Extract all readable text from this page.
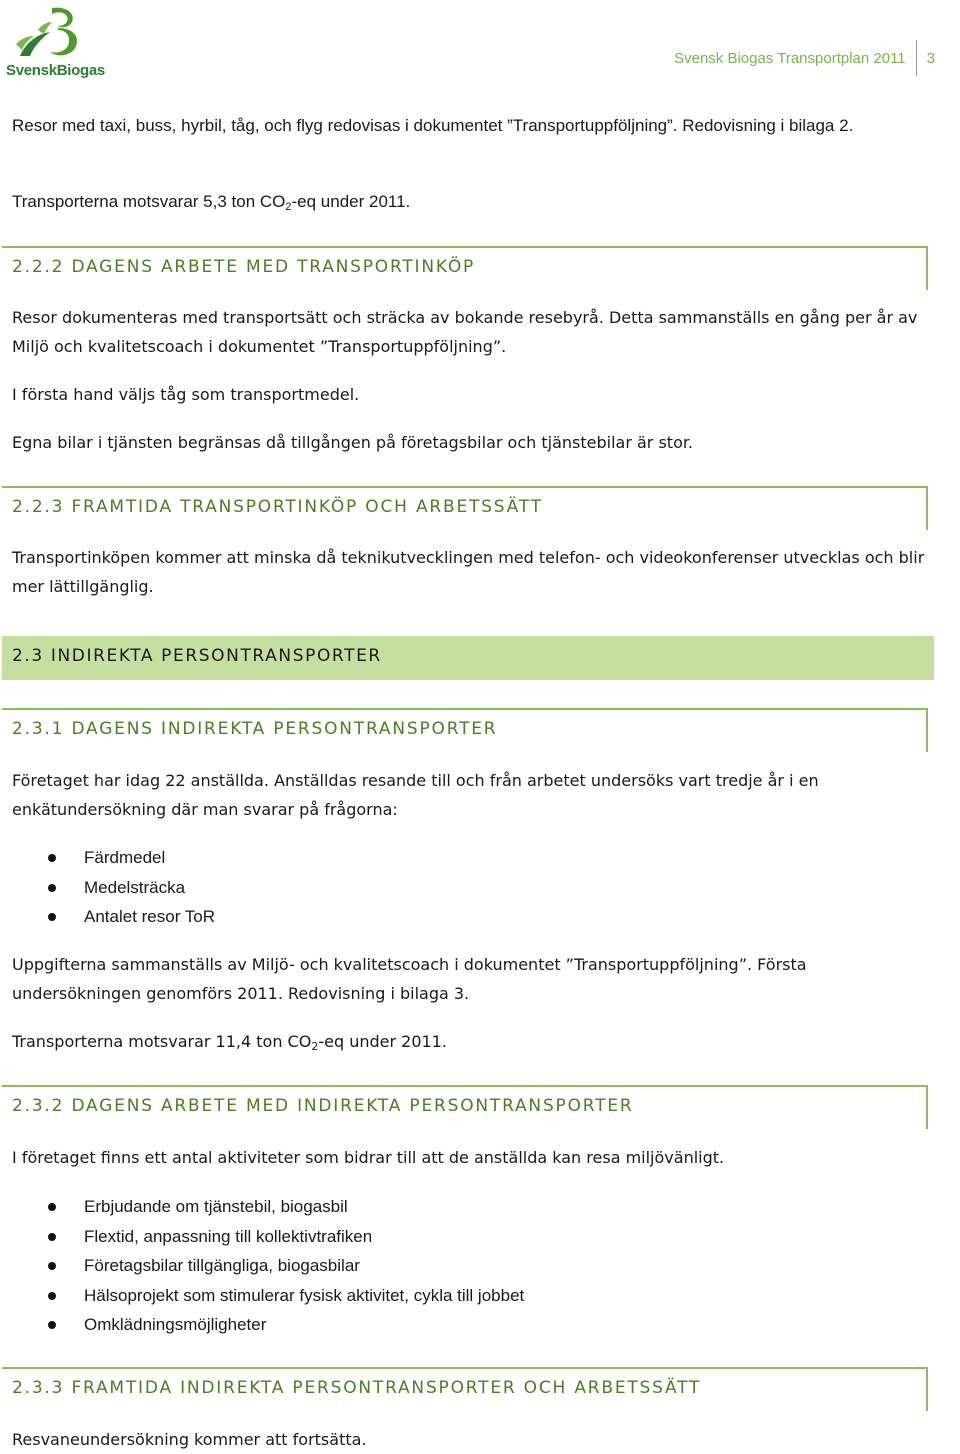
SvenskBiogas
Svensk Biogas Transportplan 2011 3

Resor med taxi, buss, hyrbil, tåg, och flyg redovisas i dokumentet ”Transportuppföljning”. Redovisning i bilaga 2.

Transporterna motsvarar 5,3 ton $CO_2-eq$ under 2011.

2.2.2 DAGENS ARBETE MED TRANSPORTINKÖP

Resor dokumenteras med transportsätt och sträcka av bokande resebyrå. Detta sammanställs en gång per år av Miljö och kvalitetscoach i dokumentet ”Transportuppföljning”.

I första hand väljs tåg som transportmedel.

Egna bilar i tjänsten begränsas då tillgången på företagsbilar och tjänstebilar är stor.

2.2.3 FRAMTIDA TRANSPORTINKÖP OCH ARBETSSÄTT

Transportinköpen kommer att minska då teknikutvecklingen med telefon- och videokonferenser utvecklas och blir mer lättillgänglig.

2.3 INDIREKTA PERSONTRANSPORTER
2.3.1 DAGENS INDIREKTA PERSONTRANSPORTER

Företaget har idag 22 anställda. Anställdas resande till och från arbetet undersöks vart tredje år i en enkätundersökning där man svarar på frågorna:

Färdmedel
Medelsträcka
Antalet resor ToR

Uppgifterna sammanställs av Miljö- och kvalitetscoach i dokumentet ”Transportuppföljning”. Första undersökningen genomförs 2011. Redovisning i bilaga 3.

Transporterna motsvarar 11,4 ton $CO_2-eq$ under 2011.

2.3.2 DAGENS ARBETE MED INDIREKTA PERSONTRANSPORTER

I företaget finns ett antal aktiviteter som bidrar till att de anställda kan resa miljövänligt.

Erbjudande om tjänstebil, biogasbil
Flextid, anpassning till kollektivtrafiken
Företagsbilar tillgängliga, biogasbilar
Hälsoprojekt som stimulerar fysisk aktivitet, cykla till jobbet
Omklädningsmöjligheter
2.3.3 FRAMTIDA INDIREKTA PERSONTRANSPORTER OCH ARBETSSÄTT

Resvaneundersökning kommer att fortsätta.
